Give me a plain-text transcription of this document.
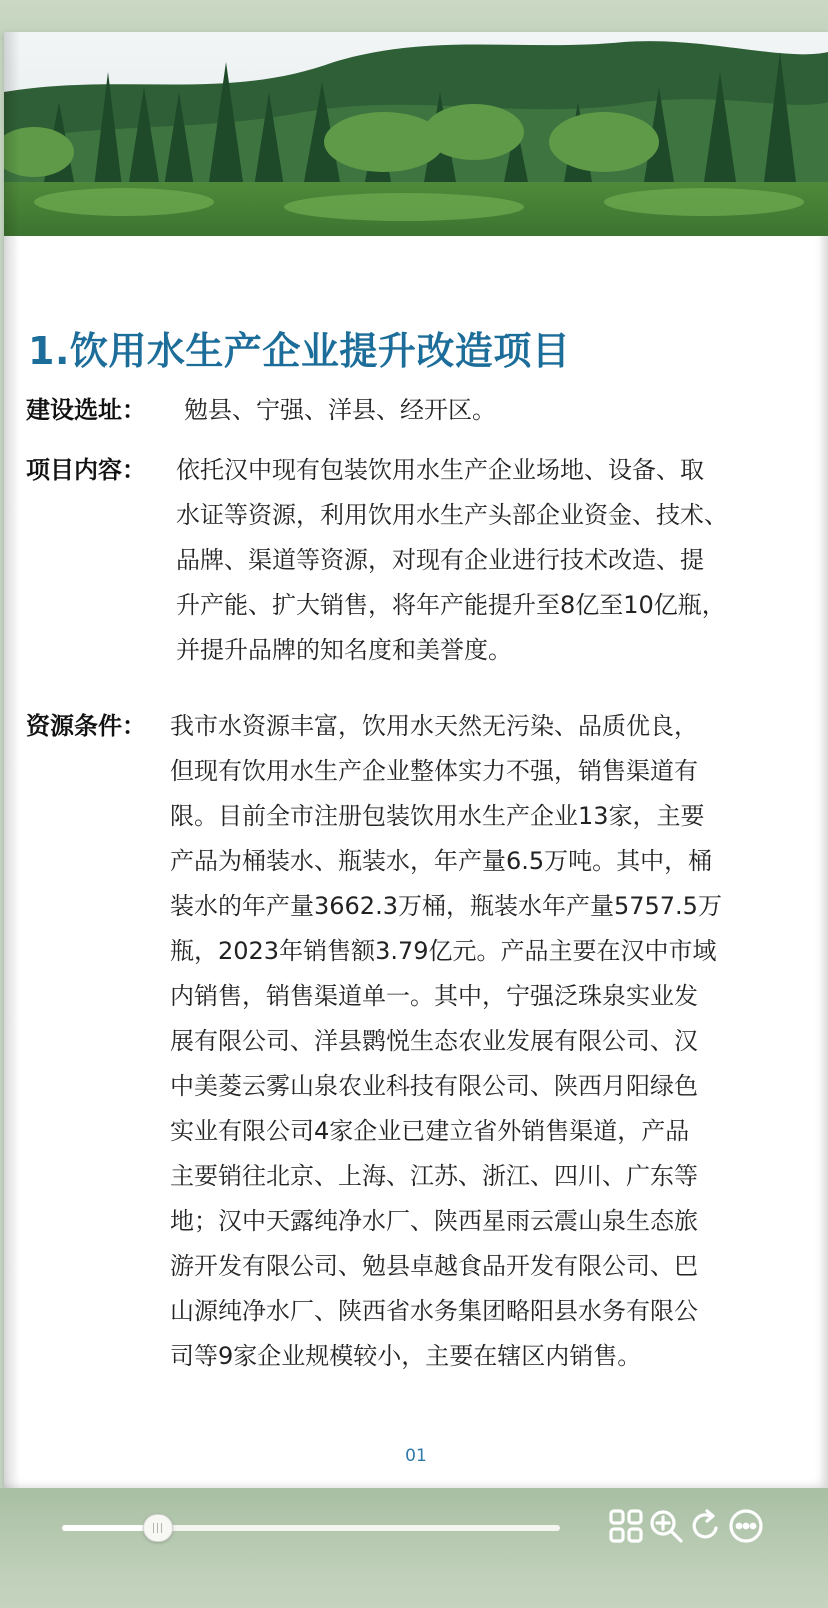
1.饮用水生产企业提升改造项目
建设选址：	勉县、宁强、洋县、经开区。
项目内容：	依托汉中现有包装饮用水生产企业场地、设备、取
水证等资源，利用饮用水生产头部企业资金、技术、
品牌、渠道等资源，对现有企业进行技术改造、提
升产能、扩大销售，将年产能提升至8亿至10亿瓶，
并提升品牌的知名度和美誉度。
资源条件：	我市水资源丰富，饮用水天然无污染、品质优良，
但现有饮用水生产企业整体实力不强，销售渠道有
限。目前全市注册包装饮用水生产企业13家，主要
产品为桶装水、瓶装水，年产量6.5万吨。其中，桶
装水的年产量3662.3万桶，瓶装水年产量5757.5万
瓶，2023年销售额3.79亿元。产品主要在汉中市域
内销售，销售渠道单一。其中，宁强泛珠泉实业发
展有限公司、洋县鹮悦生态农业发展有限公司、汉
中美菱云雾山泉农业科技有限公司、陕西月阳绿色
实业有限公司4家企业已建立省外销售渠道，产品
主要销往北京、上海、江苏、浙江、四川、广东等
地；汉中天露纯净水厂、陕西星雨云震山泉生态旅
游开发有限公司、勉县卓越食品开发有限公司、巴
山源纯净水厂、陕西省水务集团略阳县水务有限公
司等9家企业规模较小，主要在辖区内销售。
01
